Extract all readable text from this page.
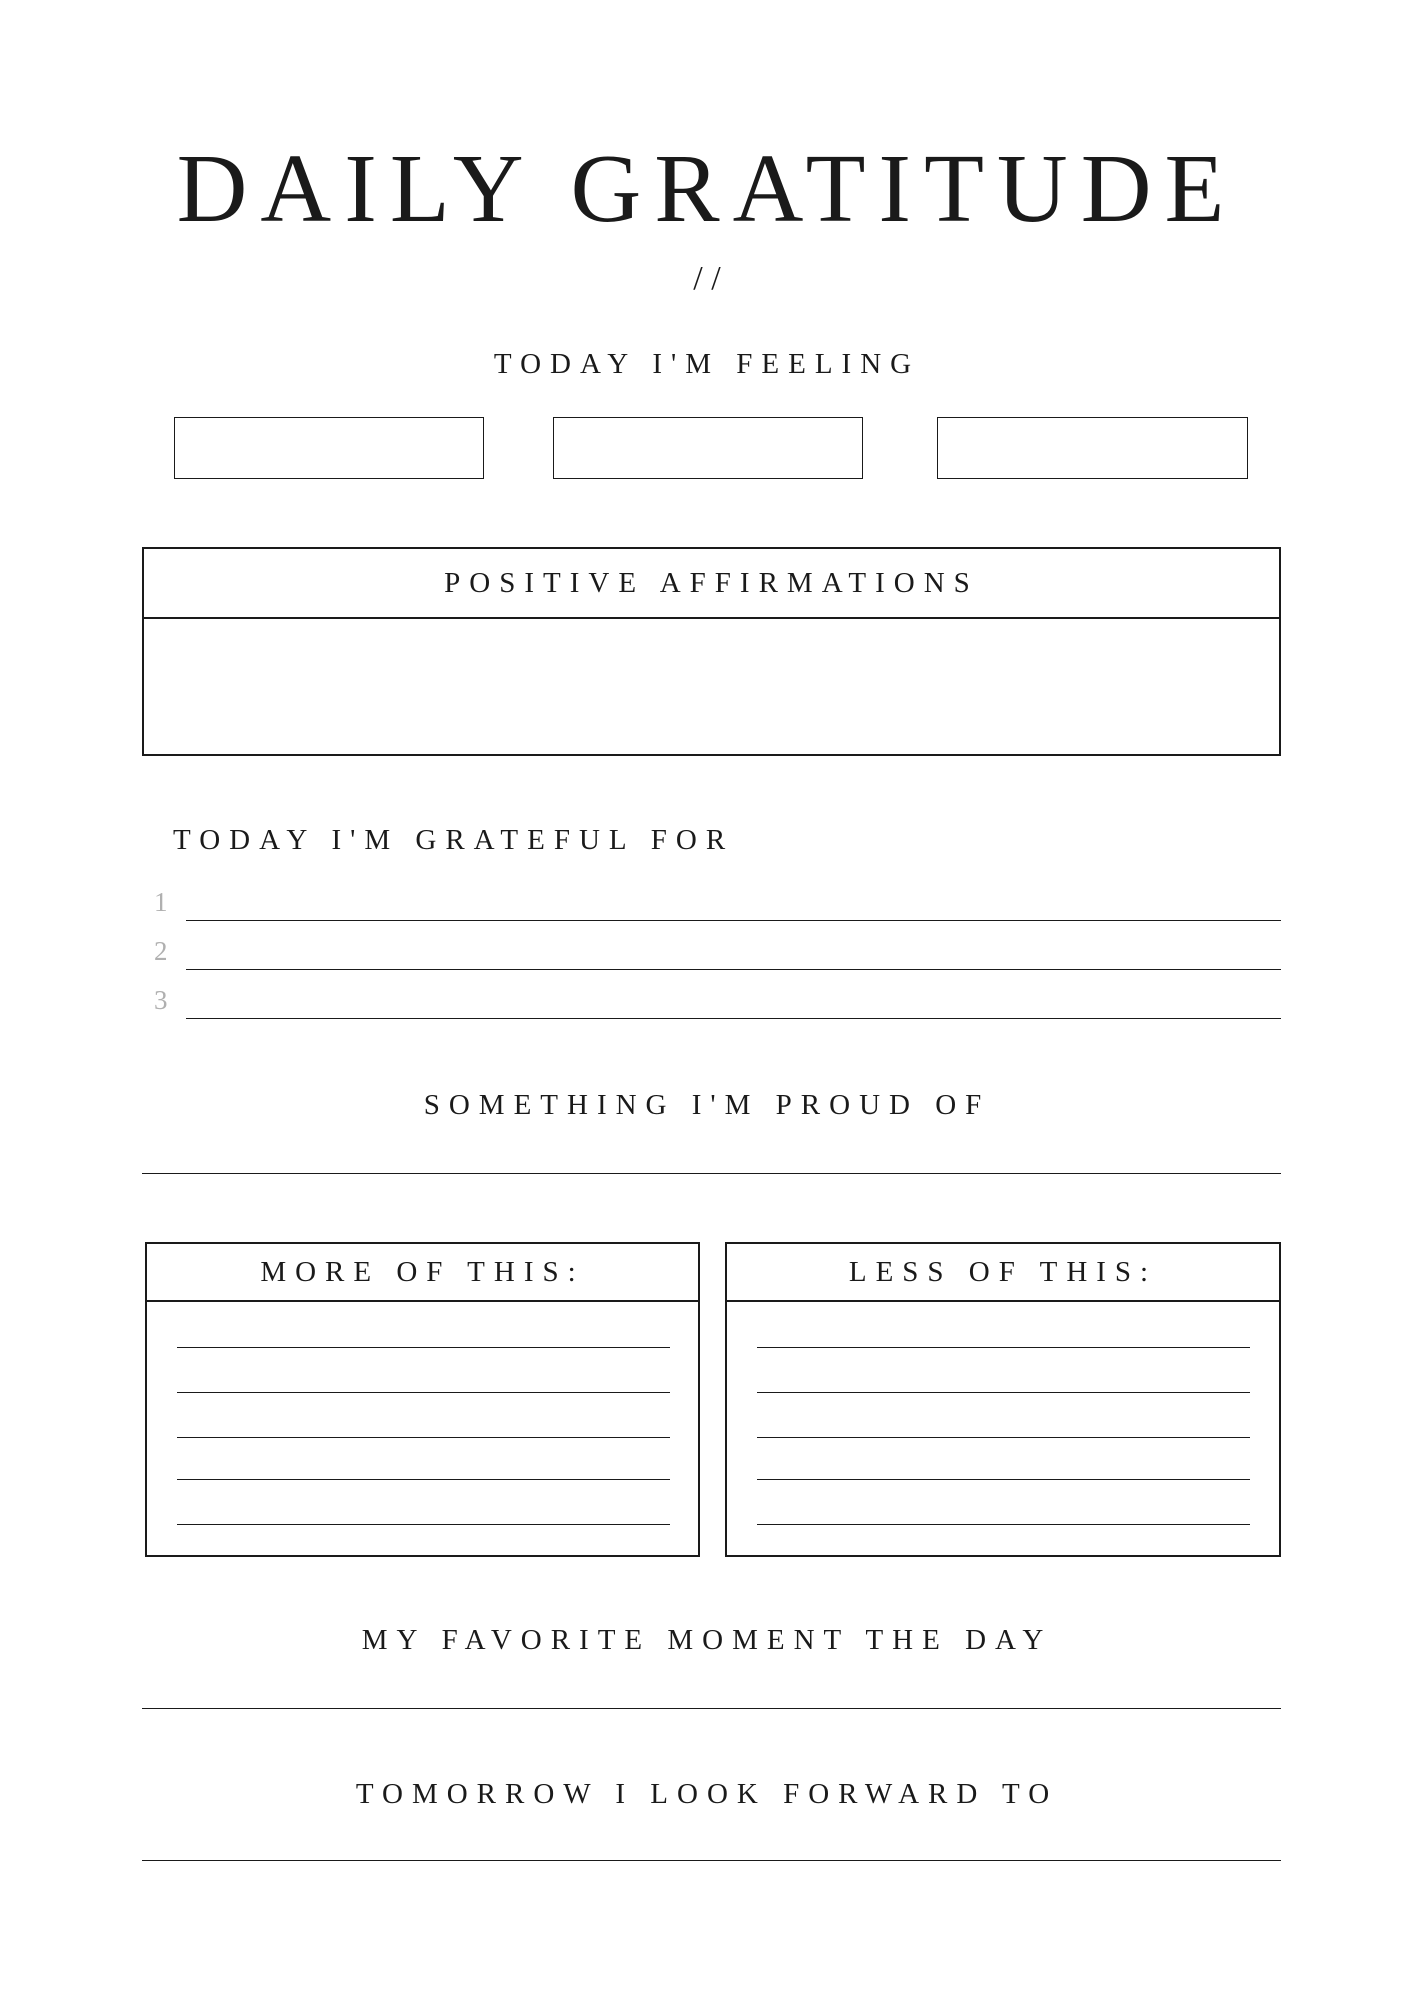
DAILY GRATITUDE
/ /
TODAY I'M FEELING
POSITIVE AFFIRMATIONS
TODAY I'M GRATEFUL FOR
1
2
3
SOMETHING I'M PROUD OF
MORE OF THIS:	LESS OF THIS:
MY FAVORITE MOMENT THE DAY
TOMORROW I LOOK FORWARD TO
